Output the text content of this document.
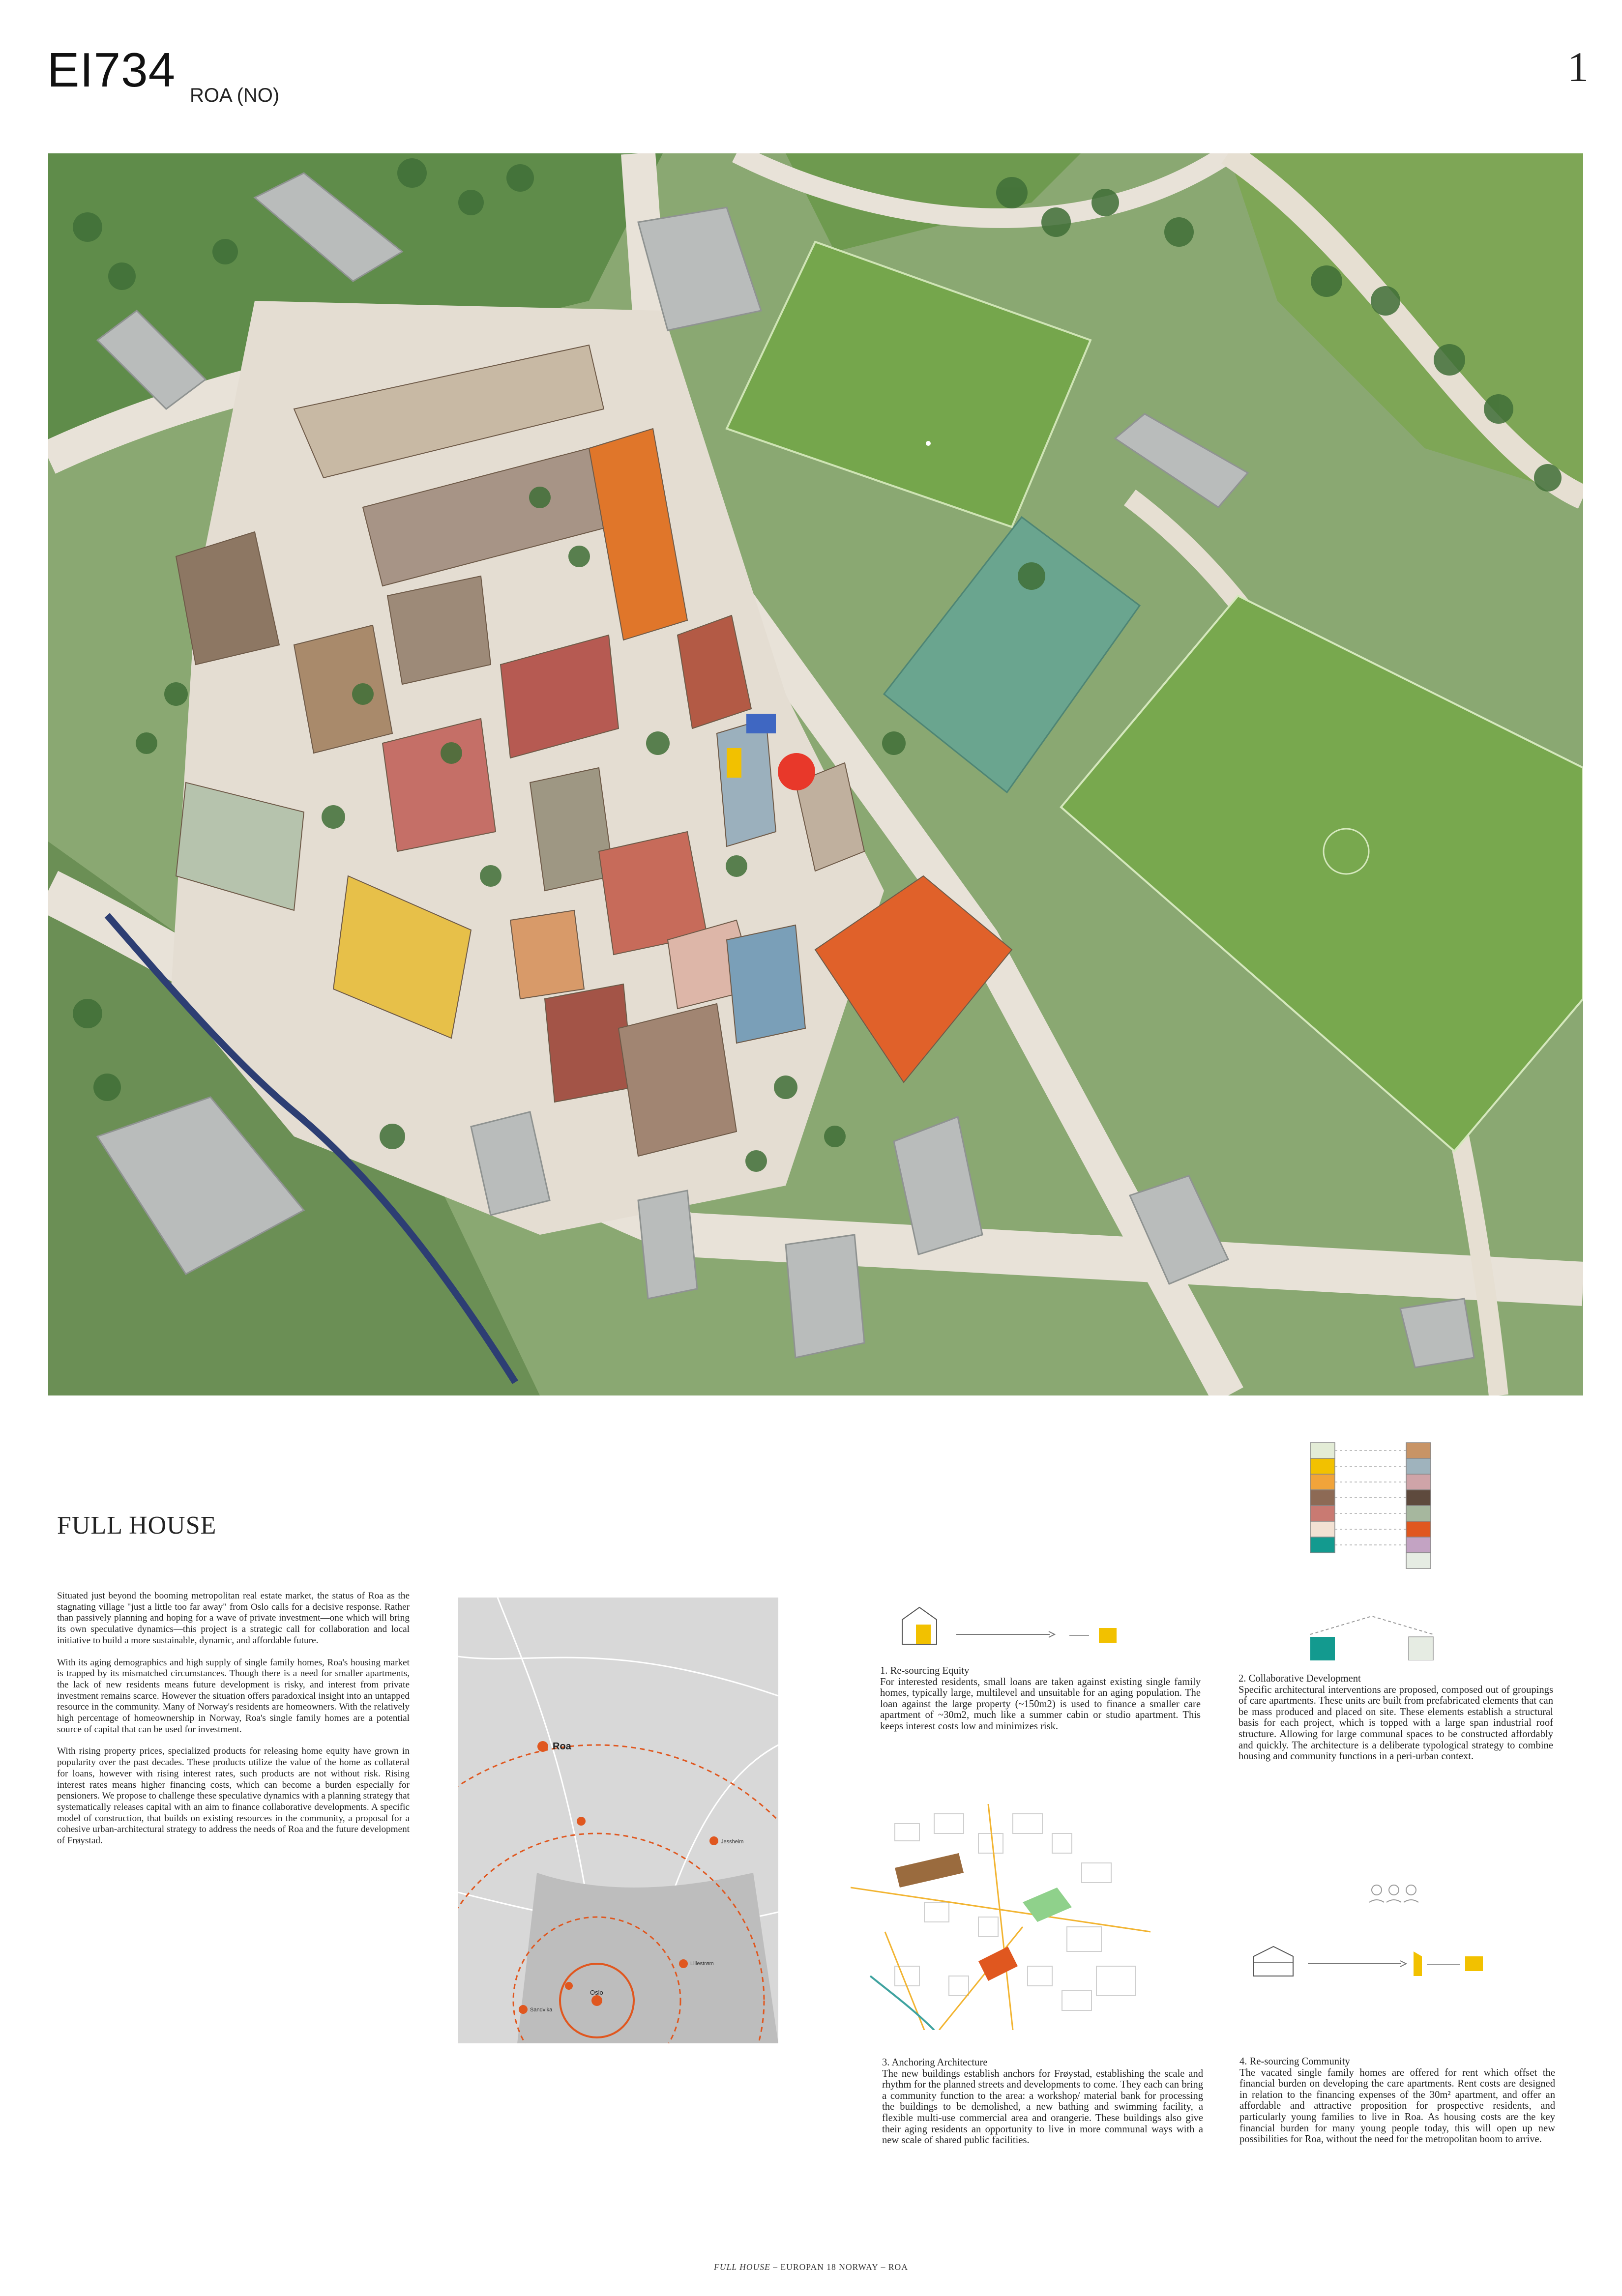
EI734 ROA (NO)
1
FULL HOUSE

Situated just beyond the booming metropolitan real estate market, the status of Roa as the stagnating village "just a little too far away" from Oslo calls for a decisive response. Rather than passively planning and hoping for a wave of private investment—one which will bring its own speculative dynamics—this project is a strategic call for collaboration and local initiative to build a more sustainable, dynamic, and affordable future.

With its aging demographics and high supply of single family homes, Roa's housing market is trapped by its mismatched circumstances. Though there is a need for smaller apartments, the lack of new residents means future development is risky, and interest from private investment remains scarce. However the situation offers paradoxical insight into an untapped resource in the community. Many of Norway's residents are homeowners. With the relatively high percentage of homeownership in Norway, Roa's single family homes are a potential source of capital that can be used for investment.

With rising property prices, specialized products for releasing home equity have grown in popularity over the past decades. These products utilize the value of the home as collateral for loans, however with rising interest rates, such products are not without risk. Rising interest rates means higher financing costs, which can become a burden especially for pensioners. We propose to challenge these speculative dynamics with a planning strategy that systematically releases capital with an aim to finance collaborative developments. A specific model of construction, that builds on existing resources in the community, a proposal for a cohesive urban-architectural strategy to address the needs of Roa and the future development of Frøystad.

Roa
Oslo
Sandvika
Lillestrøm
Jessheim
1. Re-sourcing Equity
For interested residents, small loans are taken against existing single family homes, typically large, multilevel and unsuitable for an aging population. The loan against the large property (~150m2) is used to finance a smaller care apartment of ~30m2, much like a summer cabin or studio apartment. This keeps interest costs low and minimizes risk.
2. Collaborative Development
Specific architectural interventions are proposed, composed out of groupings of care apartments. These units are built from prefabricated elements that can be mass produced and placed on site. These elements establish a structural basis for each project, which is topped with a large span industrial roof structure. Allowing for large communal spaces to be constructed affordably and quickly. The architecture is a deliberate typological strategy to combine housing and community functions in a peri-urban context.
3. Anchoring Architecture
The new buildings establish anchors for Frøystad, establishing the scale and rhythm for the planned streets and developments to come. They each can bring a community function to the area: a workshop/ material bank for processing the buildings to be demolished, a new bathing and swimming facility, a flexible multi-use commercial area and orangerie. These buildings also give their aging residents an opportunity to live in more communal ways with a new scale of shared public facilities.
4. Re-sourcing Community
The vacated single family homes are offered for rent which offset the financial burden on developing the care apartments. Rent costs are designed in relation to the financing expenses of the 30m² apartment, and offer an affordable and attractive proposition for prospective residents, and particularly young families to live in Roa. As housing costs are the key financial burden for many young people today, this will open up new possibilities for Roa, without the need for the metropolitan boom to arrive.
FULL HOUSE – EUROPAN 18 NORWAY – ROA
